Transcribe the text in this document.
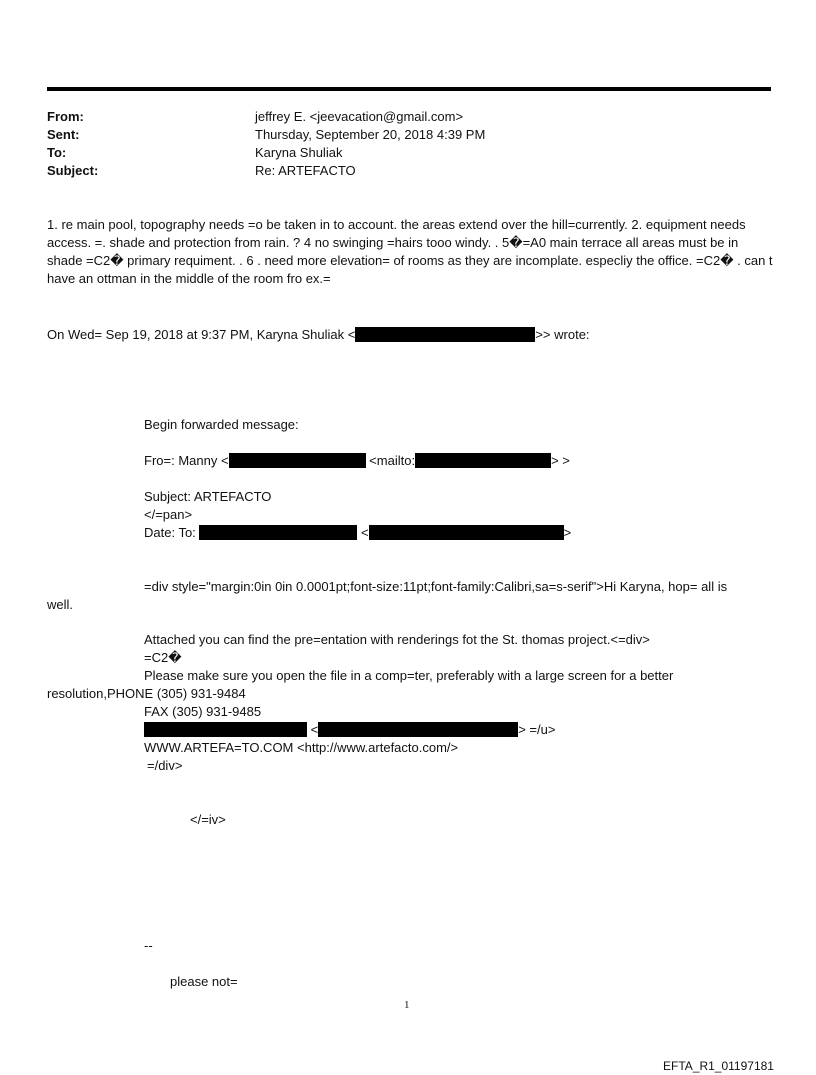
From:	jeffrey E. <jeevacation@gmail.com>
Sent:	Thursday, September 20, 2018 4:39 PM
To:	Karyna Shuliak
Subject:	Re: ARTEFACTO
1. re main pool, topography needs =o be taken in to account. the areas extend over the hill=currently. 2. equipment needs access. =. shade and protection from rain. ? 4 no swinging =hairs tooo windy. . 5�=A0 main terrace all areas must be in shade =C2� primary requiment. . 6 . need more elevation= of rooms as they are incomplate. especliy the office. =C2� . can t have an ottman in the middle of the room fro ex.=
On Wed= Sep 19, 2018 at 9:37 PM, Karyna Shuliak <	>> wrote:
Begin forwarded message:
Fro=: Manny <	<mailto:	> >
Subject: ARTEFACTO
</=pan>
Date: To:	<	>
=div style="margin:0in 0in 0.0001pt;font-size:11pt;font-family:Calibri,sa=s-serif">Hi Karyna, hop= all is
well.
Attached you can find the pre=entation with renderings fot the St. thomas project.<=div>
=C2�
Please make sure you open the file in a comp=ter, preferably with a large screen for a better
resolution,PHONE (305) 931-9484
FAX (305) 931-9485
<	> =/u>
WWW.ARTEFA=TO.COM <http://www.artefacto.com/>
=/div>
</=iv>
--
please not=
1
EFTA_R1_01197181
